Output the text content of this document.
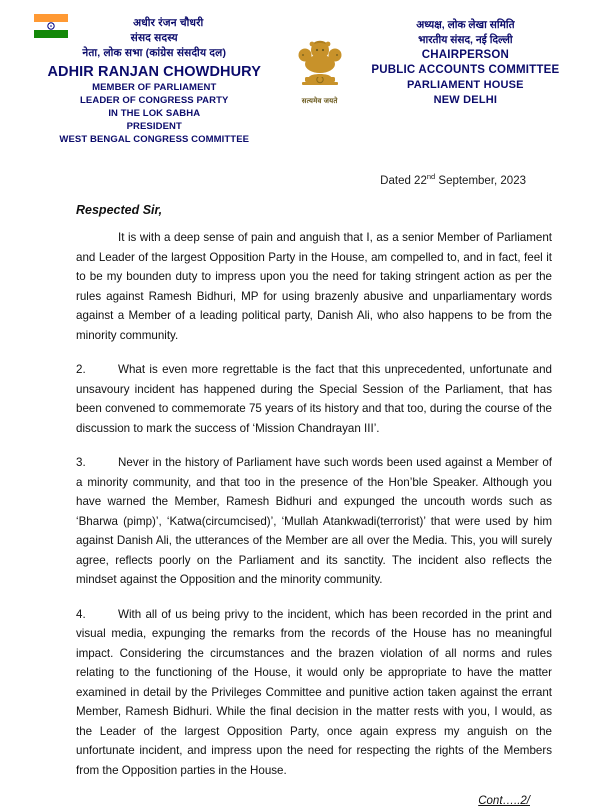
अधीर रंजन चौधरी
संसद सदस्य
नेता, लोक सभा (कांग्रेस संसदीय दल)
ADHIR RANJAN CHOWDHURY
MEMBER OF PARLIAMENT
LEADER OF CONGRESS PARTY
IN THE LOK SABHA
PRESIDENT
WEST BENGAL CONGRESS COMMITTEE
सत्यमेव जयते
अध्यक्ष, लोक लेखा समिति
भारतीय संसद, नई दिल्ली
CHAIRPERSON
PUBLIC ACCOUNTS COMMITTEE
PARLIAMENT HOUSE
NEW DELHI
Dated 22nd September, 2023
Respected Sir,

It is with a deep sense of pain and anguish that I, as a senior Member of Parliament and Leader of the largest Opposition Party in the House, am compelled to, and in fact, feel it to be my bounden duty to impress upon you the need for taking stringent action as per the rules against Ramesh Bidhuri, MP for using brazenly abusive and unparliamentary words against a Member of a leading political party, Danish Ali, who also happens to be from the minority community.

2.	What is even more regrettable is the fact that this unprecedented, unfortunate and unsavoury incident has happened during the Special Session of the Parliament, that has been convened to commemorate 75 years of its history and that too, during the course of the discussion to mark the success of ‘Mission Chandrayan III’.

3.	Never in the history of Parliament have such words been used against a Member of a minority community, and that too in the presence of the Hon’ble Speaker. Although you have warned the Member, Ramesh Bidhuri and expunged the uncouth words such as ‘Bharwa (pimp)’, ‘Katwa(circumcised)’, ‘Mullah Atankwadi(terrorist)’ that were used by him against Danish Ali, the utterances of the Member are all over the Media. This, you will surely agree, reflects poorly on the Parliament and its sanctity. The incident also reflects the mindset against the Opposition and the minority community.

4.	With all of us being privy to the incident, which has been recorded in the print and visual media, expunging the remarks from the records of the House has no meaningful impact. Considering the circumstances and the brazen violation of all norms and rules relating to the functioning of the House, it would only be appropriate to have the matter examined in detail by the Privileges Committee and punitive action taken against the errant Member, Ramesh Bidhuri. While the final decision in the matter rests with you, I would, as the Leader of the largest Opposition Party, once again express my anguish on the unfortunate incident, and impress upon the need for respecting the rights of the Members from the Opposition parties in the House.

Cont…..2/
